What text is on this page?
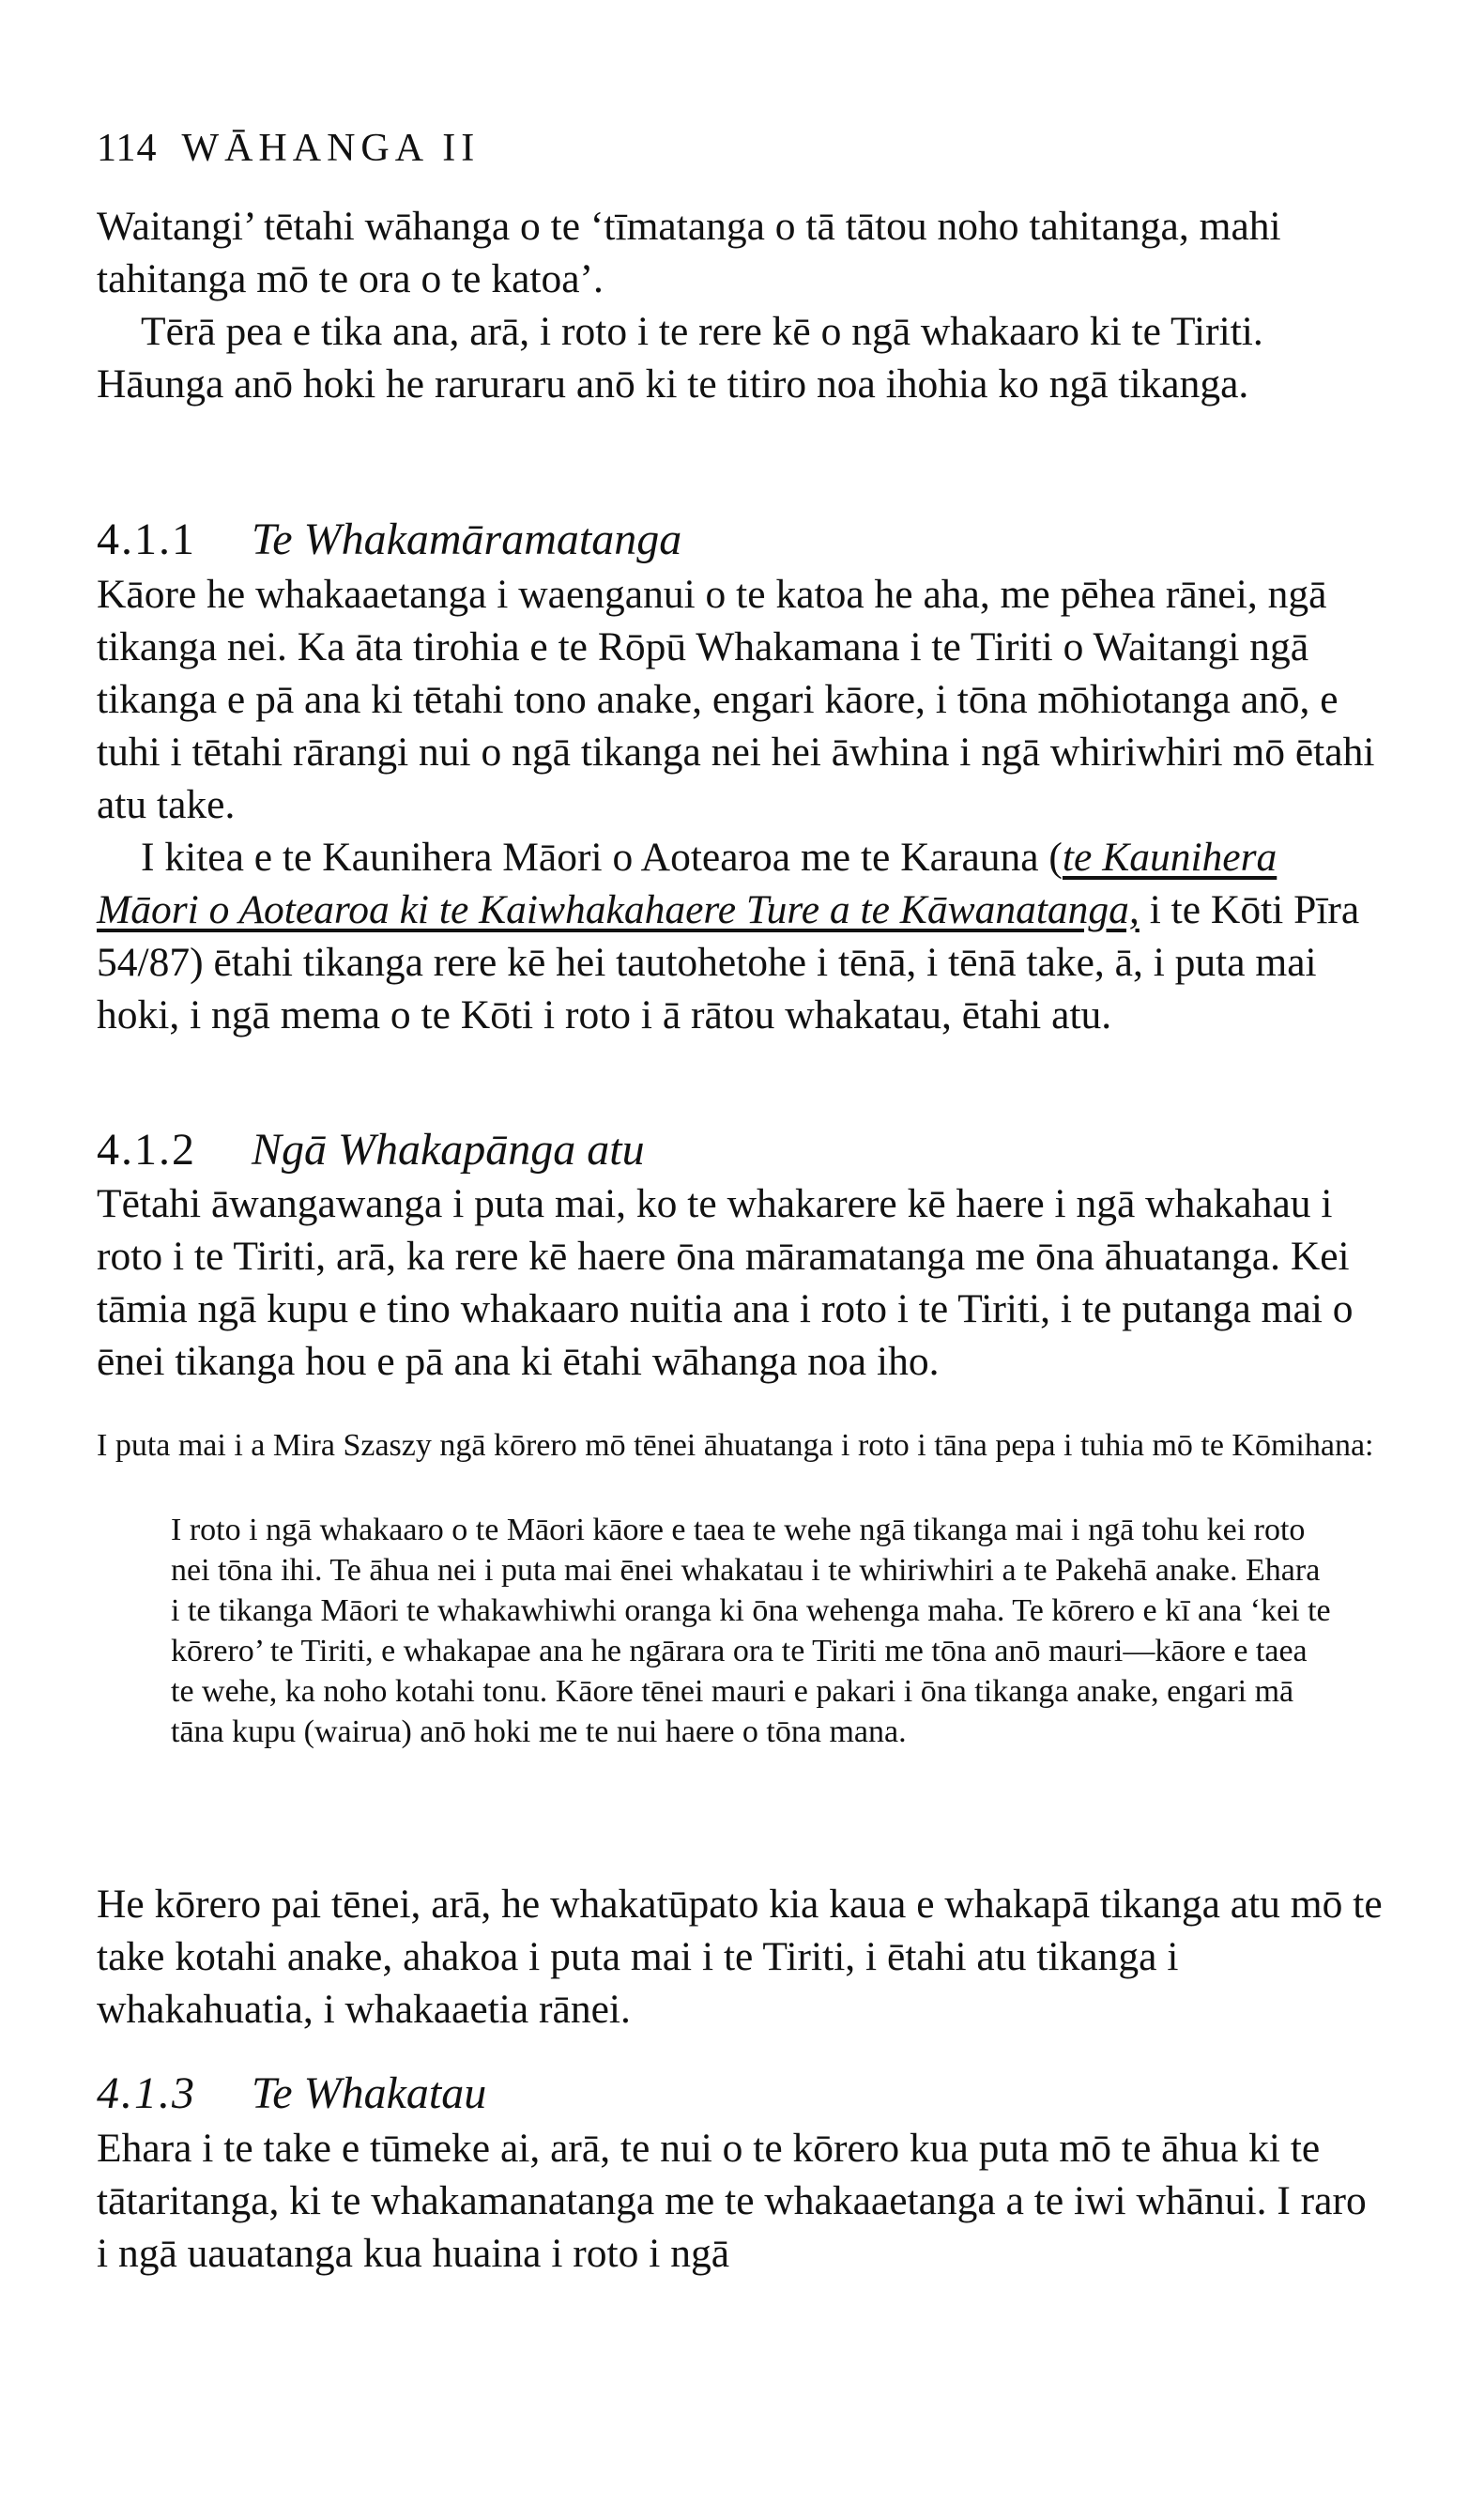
114 WĀHANGA II

Waitangi’ tētahi wāhanga o te ‘tīmatanga o tā tātou noho tahitanga, mahi tahitanga mō te ora o te katoa’.

Tērā pea e tika ana, arā, i roto i te rere kē o ngā whakaaro ki te Tiriti. Hāunga anō hoki he raruraru anō ki te titiro noa ihohia ko ngā tikanga.

4.1.1 Te Whakamāramatanga

Kāore he whakaaetanga i waenganui o te katoa he aha, me pēhea rānei, ngā tikanga nei. Ka āta tirohia e te Rōpū Whakamana i te Tiriti o Waitangi ngā tikanga e pā ana ki tētahi tono anake, engari kāore, i tōna mōhiotanga anō, e tuhi i tētahi rārangi nui o ngā tikanga nei hei āwhina i ngā whiriwhiri mō ētahi atu take.

I kitea e te Kaunihera Māori o Aotearoa me te Karauna (te Kaunihera Māori o Aotearoa ki te Kaiwhakahaere Ture a te Kāwanatanga, i te Kōti Pīra 54/87) ētahi tikanga rere kē hei tautohetohe i tēnā, i tēnā take, ā, i puta mai hoki, i ngā mema o te Kōti i roto i ā rātou whakatau, ētahi atu.

4.1.2 Ngā Whakapānga atu

Tētahi āwangawanga i puta mai, ko te whakarere kē haere i ngā whakahau i roto i te Tiriti, arā, ka rere kē haere ōna māramatanga me ōna āhuatanga. Kei tāmia ngā kupu e tino whakaaro nuitia ana i roto i te Tiriti, i te putanga mai o ēnei tikanga hou e pā ana ki ētahi wāhanga noa iho.

I puta mai i a Mira Szaszy ngā kōrero mō tēnei āhuatanga i roto i tāna pepa i tuhia mō te Kōmihana:

I roto i ngā whakaaro o te Māori kāore e taea te wehe ngā tikanga mai i ngā tohu kei roto nei tōna ihi. Te āhua nei i puta mai ēnei whakatau i te whiriwhiri a te Pakehā anake. Ehara i te tikanga Māori te whakawhiwhi oranga ki ōna wehenga maha. Te kōrero e kī ana ‘kei te kōrero’ te Tiriti, e whakapae ana he ngārara ora te Tiriti me tōna anō mauri—kāore e taea te wehe, ka noho kotahi tonu. Kāore tēnei mauri e pakari i ōna tikanga anake, engari mā tāna kupu (wairua) anō hoki me te nui haere o tōna mana.

He kōrero pai tēnei, arā, he whakatūpato kia kaua e whakapā tikanga atu mō te take kotahi anake, ahakoa i puta mai i te Tiriti, i ētahi atu tikanga i whakahuatia, i whakaaetia rānei.

4.1.3 Te Whakatau

Ehara i te take e tūmeke ai, arā, te nui o te kōrero kua puta mō te āhua ki te tātaritanga, ki te whakamanatanga me te whakaaetanga a te iwi whānui. I raro i ngā uauatanga kua huaina i roto i ngā
